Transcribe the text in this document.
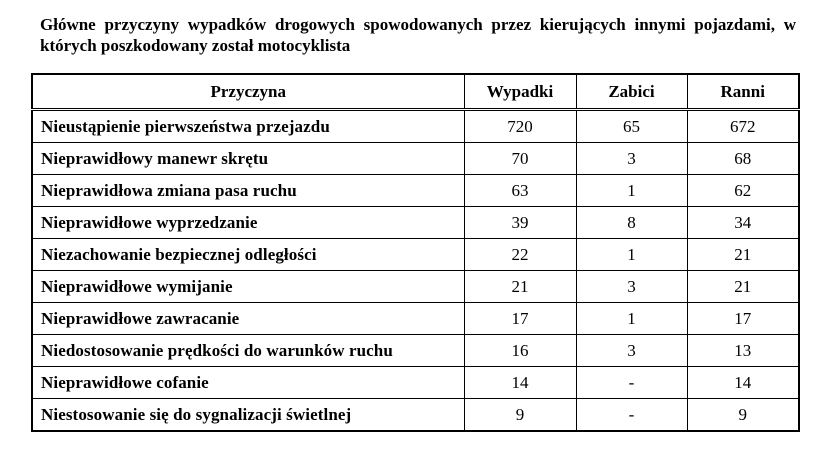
Główne przyczyny wypadków drogowych spowodowanych przez kierujących innymi pojazdami, w których poszkodowany został motocyklista

Przyczyna	Wypadki	Zabici	Ranni
Nieustąpienie pierwszeństwa przejazdu	720	65	672
Nieprawidłowy manewr skrętu	70	3	68
Nieprawidłowa zmiana pasa ruchu	63	1	62
Nieprawidłowe wyprzedzanie	39	8	34
Niezachowanie bezpiecznej odległości	22	1	21
Nieprawidłowe wymijanie	21	3	21
Nieprawidłowe zawracanie	17	1	17
Niedostosowanie prędkości do warunków ruchu	16	3	13
Nieprawidłowe cofanie	14	-	14
Niestosowanie się do sygnalizacji świetlnej	9	-	9
